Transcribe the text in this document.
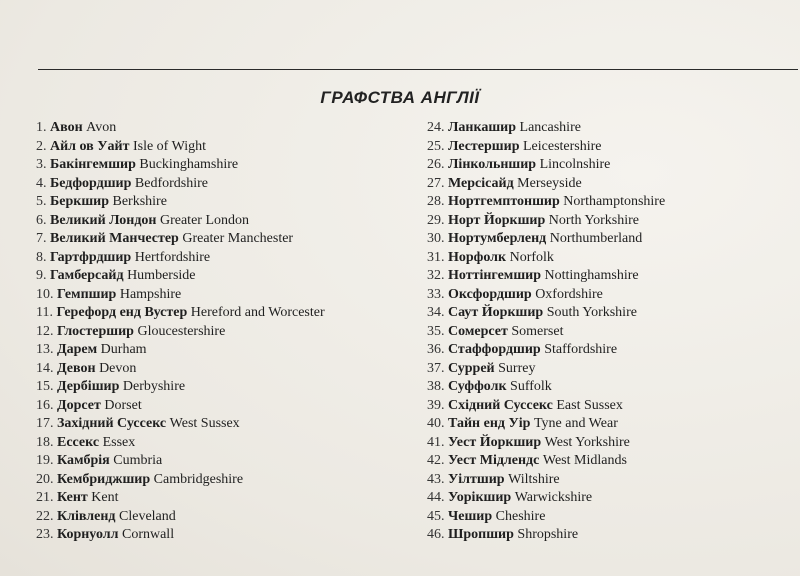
ГРАФСТВА АНГЛІЇ
1. Авон Avon
2. Айл ов Уайт Isle of Wight
3. Бакінгемшир Buckinghamshire
4. Бедфордшир Bedfordshire
5. Беркшир Berkshire
6. Великий Лондон Greater London
7. Великий Манчестер Greater Manchester
8. Гартфрдшир Hertfordshire
9. Гамберсайд Humberside
10. Гемпшир Hampshire
11. Герефорд енд Вустер Hereford and Worcester
12. Глостершир Gloucestershire
13. Дарем Durham
14. Девон Devon
15. Дербішир Derbyshire
16. Дорсет Dorset
17. Західний Суссекс West Sussex
18. Ессекс Essex
19. Камбрія Cumbria
20. Кембриджшир Cambridgeshire
21. Кент Kent
22. Клівленд Cleveland
23. Корнуолл Cornwall
24. Ланкашир Lancashire
25. Лестершир Leicestershire
26. Лінкольншир Lincolnshire
27. Мерсісайд Merseyside
28. Нортгемптоншир Northamptonshire
29. Норт Йоркшир North Yorkshire
30. Нортумберленд Northumberland
31. Норфолк Norfolk
32. Ноттінгемшир Nottinghamshire
33. Оксфордшир Oxfordshire
34. Саут Йоркшир South Yorkshire
35. Сомерсет Somerset
36. Стаффордшир Staffordshire
37. Суррей Surrey
38. Суффолк Suffolk
39. Східний Суссекс East Sussex
40. Тайн енд Уір Tyne and Wear
41. Уест Йоркшир West Yorkshire
42. Уест Мідлендс West Midlands
43. Уілтшир Wiltshire
44. Уорікшир Warwickshire
45. Чешир Cheshire
46. Шропшир Shropshire
